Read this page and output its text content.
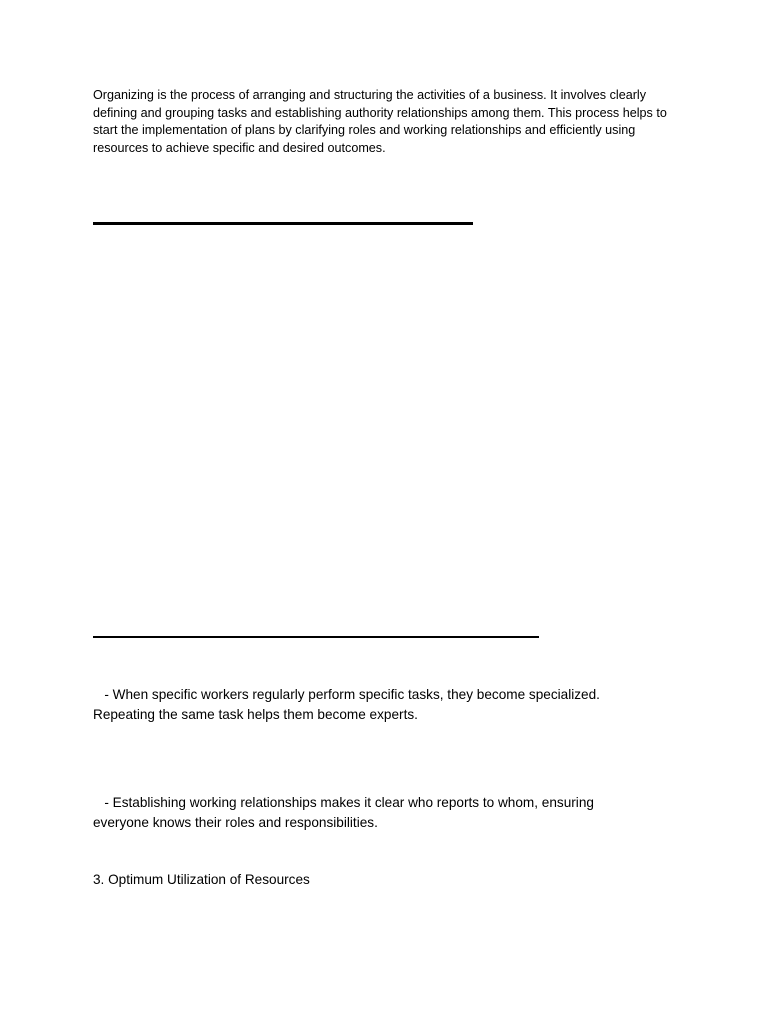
Organizing is the process of arranging and structuring the activities of a business. It involves clearly defining and grouping tasks and establishing authority relationships among them. This process helps to start the implementation of plans by clarifying roles and working relationships and efficiently using resources to achieve specific and desired outcomes.

- When specific workers regularly perform specific tasks, they become specialized. Repeating the same task helps them become experts.

- Establishing working relationships makes it clear who reports to whom, ensuring everyone knows their roles and responsibilities.

3. Optimum Utilization of Resources
